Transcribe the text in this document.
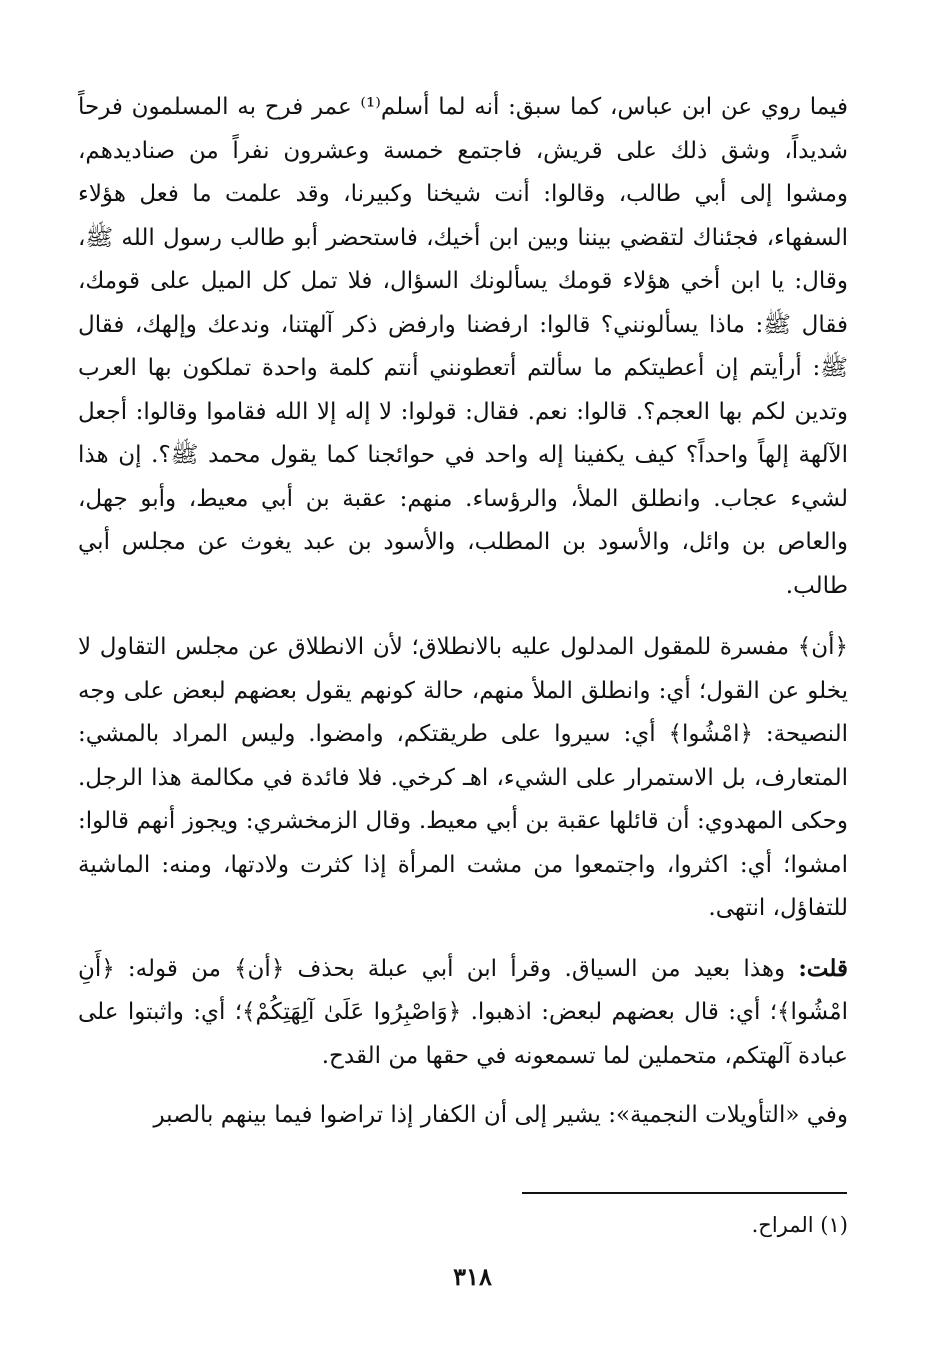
فيما روي عن ابن عباس، كما سبق: أنه لما أسلم⁽¹⁾ عمر فرح به المسلمون فرحاً شديداً، وشق ذلك على قريش، فاجتمع خمسة وعشرون نفراً من صناديدهم، ومشوا إلى أبي طالب، وقالوا: أنت شيخنا وكبيرنا، وقد علمت ما فعل هؤلاء السفهاء، فجئناك لتقضي بيننا وبين ابن أخيك، فاستحضر أبو طالب رسول الله ﷺ، وقال: يا ابن أخي هؤلاء قومك يسألونك السؤال، فلا تمل كل الميل على قومك، فقال ﷺ: ماذا يسألونني؟ قالوا: ارفضنا وارفض ذكر آلهتنا، وندعك وإلهك، فقال ﷺ: أرأيتم إن أعطيتكم ما سألتم أتعطونني أنتم كلمة واحدة تملكون بها العرب وتدين لكم بها العجم؟. قالوا: نعم. فقال: قولوا: لا إله إلا الله فقاموا وقالوا: أجعل الآلهة إلهاً واحداً؟ كيف يكفينا إله واحد في حوائجنا كما يقول محمد ﷺ؟. إن هذا لشيء عجاب. وانطلق الملأ، والرؤساء. منهم: عقبة بن أبي معيط، وأبو جهل، والعاص بن وائل، والأسود بن المطلب، والأسود بن عبد يغوث عن مجلس أبي طالب.

﴿أن﴾ مفسرة للمقول المدلول عليه بالانطلاق؛ لأن الانطلاق عن مجلس التقاول لا يخلو عن القول؛ أي: وانطلق الملأ منهم، حالة كونهم يقول بعضهم لبعض على وجه النصيحة: ﴿امْشُوا﴾ أي: سيروا على طريقتكم، وامضوا. وليس المراد بالمشي: المتعارف، بل الاستمرار على الشيء، اهـ كرخي. فلا فائدة في مكالمة هذا الرجل. وحكى المهدوي: أن قائلها عقبة بن أبي معيط. وقال الزمخشري: ويجوز أنهم قالوا: امشوا؛ أي: اكثروا، واجتمعوا من مشت المرأة إذا كثرت ولادتها، ومنه: الماشية للتفاؤل، انتهى.

قلت: وهذا بعيد من السياق. وقرأ ابن أبي عبلة بحذف ﴿أن﴾ من قوله: ﴿أَنِ امْشُوا﴾؛ أي: قال بعضهم لبعض: اذهبوا. ﴿وَاصْبِرُوا عَلَىٰ آلِهَتِكُمْ﴾؛ أي: واثبتوا على عبادة آلهتكم، متحملين لما تسمعونه في حقها من القدح.

وفي «التأويلات النجمية»: يشير إلى أن الكفار إذا تراضوا فيما بينهم بالصبر

(١) المراح.
٣١٨
